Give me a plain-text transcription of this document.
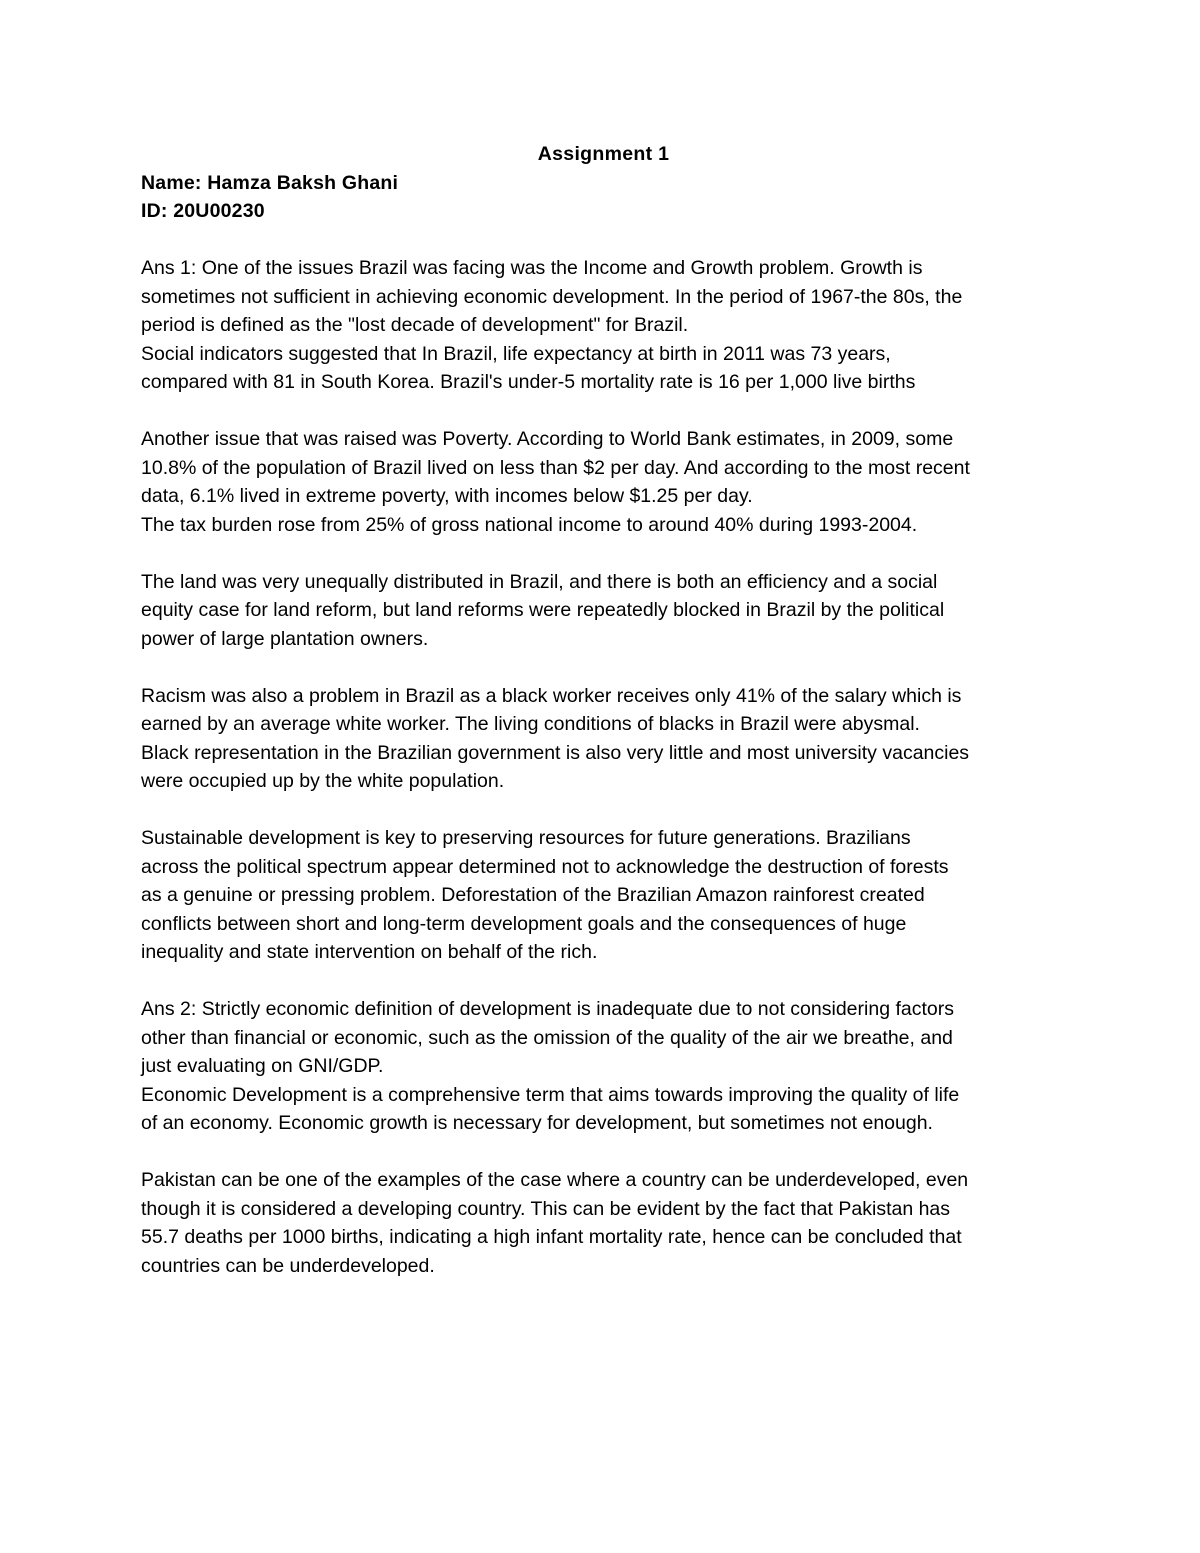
Assignment 1

Name: Hamza Baksh Ghani

ID: 20U00230

Ans 1: One of the issues Brazil was facing was the Income and Growth problem. Growth is

sometimes not sufficient in achieving economic development. In the period of 1967-the 80s, the

period is defined as the "lost decade of development" for Brazil.

Social indicators suggested that In Brazil, life expectancy at birth in 2011 was 73 years,

compared with 81 in South Korea. Brazil's under-5 mortality rate is 16 per 1,000 live births

Another issue that was raised was Poverty. According to World Bank estimates, in 2009, some

10.8% of the population of Brazil lived on less than $2 per day. And according to the most recent

data, 6.1% lived in extreme poverty, with incomes below $1.25 per day.

The tax burden rose from 25% of gross national income to around 40% during 1993-2004.

The land was very unequally distributed in Brazil, and there is both an efficiency and a social

equity case for land reform, but land reforms were repeatedly blocked in Brazil by the political

power of large plantation owners.

Racism was also a problem in Brazil as a black worker receives only 41% of the salary which is

earned by an average white worker. The living conditions of blacks in Brazil were abysmal.

Black representation in the Brazilian government is also very little and most university vacancies

were occupied up by the white population.

Sustainable development is key to preserving resources for future generations. Brazilians

across the political spectrum appear determined not to acknowledge the destruction of forests

as a genuine or pressing problem. Deforestation of the Brazilian Amazon rainforest created

conflicts between short and long-term development goals and the consequences of huge

inequality and state intervention on behalf of the rich.

Ans 2: Strictly economic definition of development is inadequate due to not considering factors

other than financial or economic, such as the omission of the quality of the air we breathe, and

just evaluating on GNI/GDP.

Economic Development is a comprehensive term that aims towards improving the quality of life

of an economy. Economic growth is necessary for development, but sometimes not enough.

Pakistan can be one of the examples of the case where a country can be underdeveloped, even

though it is considered a developing country. This can be evident by the fact that Pakistan has

55.7 deaths per 1000 births, indicating a high infant mortality rate, hence can be concluded that

countries can be underdeveloped.
